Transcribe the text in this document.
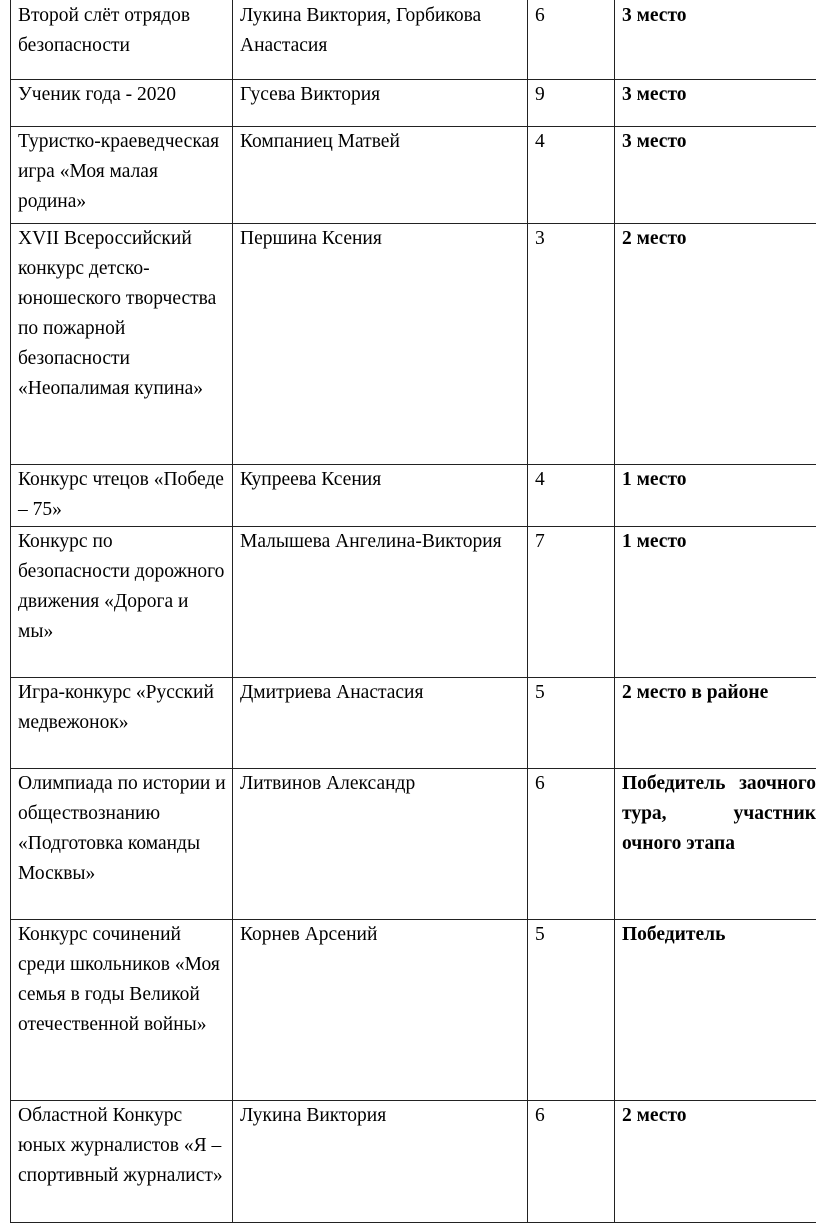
Второй слёт отрядов безопасности	Лукина Виктория, Горбикова Анастасия	6	3 место
Ученик года - 2020	Гусева Виктория	9	3 место
Туристко-краеведческая игра «Моя малая родина»	Компаниец Матвей	4	3 место
XVII Всероссийский конкурс детско-юношеского творчества по пожарной безопасности «Неопалимая купина»	Першина Ксения	3	2 место
Конкурс чтецов «Победе – 75»	Купреева Ксения	4	1 место
Конкурс по безопасности дорожного движения «Дорога и мы»	Малышева Ангелина-Виктория	7	1 место
Игра-конкурс «Русский медвежонок»	Дмитриева Анастасия	5	2 место в районе
Олимпиада по истории и обществознанию «Подготовка команды Москвы»	Литвинов Александр	6	Победитель заочного тура, участник очного этапа
Конкурс сочинений среди школьников «Моя семья в годы Великой отечественной войны»	Корнев Арсений	5	Победитель
Областной Конкурс юных журналистов «Я – спортивный журналист»	Лукина Виктория	6	2 место
